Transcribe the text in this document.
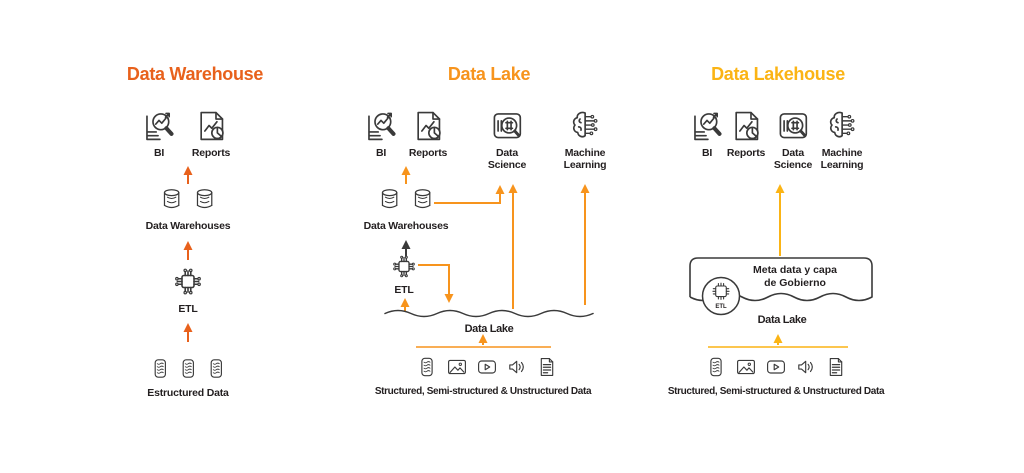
ETL
Data Warehouse
BI	Reports
Data Warehouses
ETL
Estructured Data
Data Lake
BI Reports	Data
Science
Machine
Learning
Data Warehouses
ETL
Data Lake
Structured, Semi-structured & Unstructured Data
Data Lakehouse
BI Reports	Data
Science
Machine
Learning
Meta data y capa
de Gobierno
Data Lake
Structured, Semi-structured & Unstructured Data
